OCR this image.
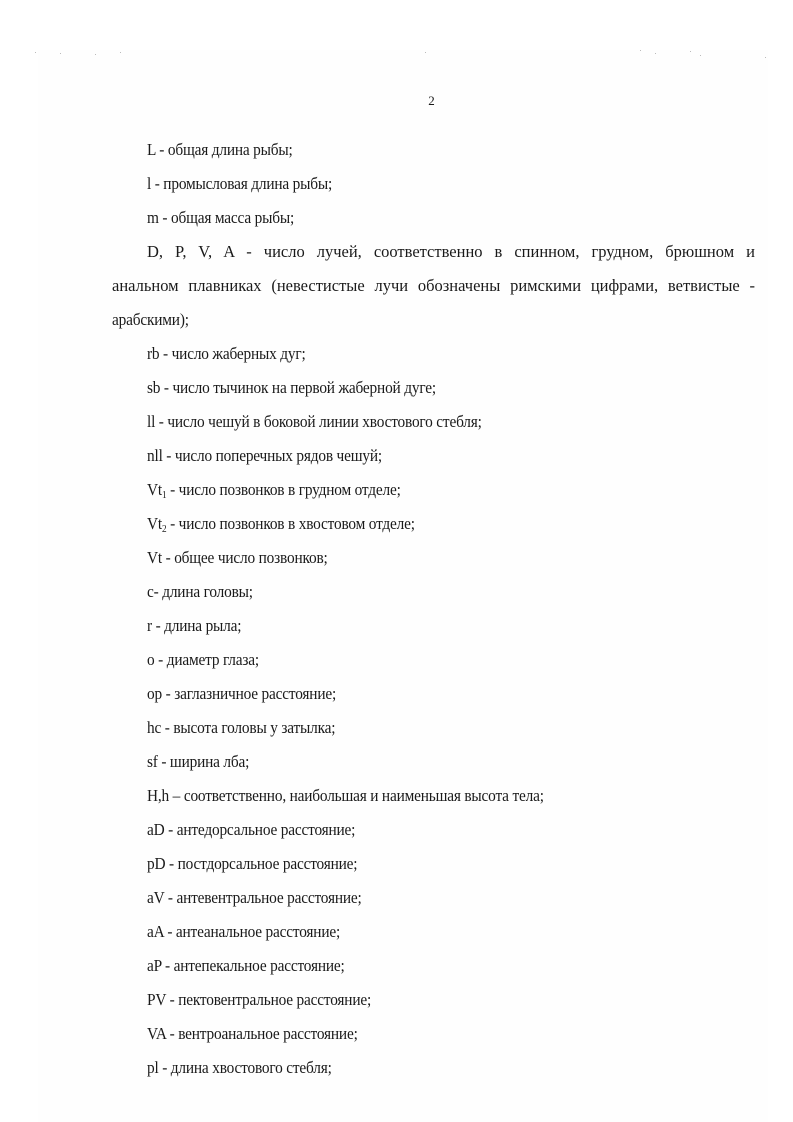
2
L - общая длина рыбы;
l - промысловая длина рыбы;
m - общая масса рыбы;
D, P, V, A - число лучей, соответственно в спинном, грудном, брюшном и
анальном плавниках (невестистые лучи обозначены римскими цифрами, ветвистые -
арабскими);
rb - число жаберных дуг;
sb - число тычинок на первой жаберной дуге;
ll - число чешуй в боковой линии хвостового стебля;
nll - число поперечных рядов чешуй;
$Vt_1$ - число позвонков в грудном отделе;
$Vt_2$ - число позвонков в хвостовом отделе;
Vt - общее число позвонков;
c- длина головы;
r - длина рыла;
o - диаметр глаза;
op - заглазничное расстояние;
hc - высота головы у затылка;
sf - ширина лба;
H,h – соответственно, наибольшая и наименьшая высота тела;
aD - антедорсальное расстояние;
pD - постдорсальное расстояние;
aV - антевентральное расстояние;
aA - антеанальное расстояние;
aP - антепекальное расстояние;
PV - пектовентральное расстояние;
VA - вентроанальное расстояние;
pl - длина хвостового стебля;
